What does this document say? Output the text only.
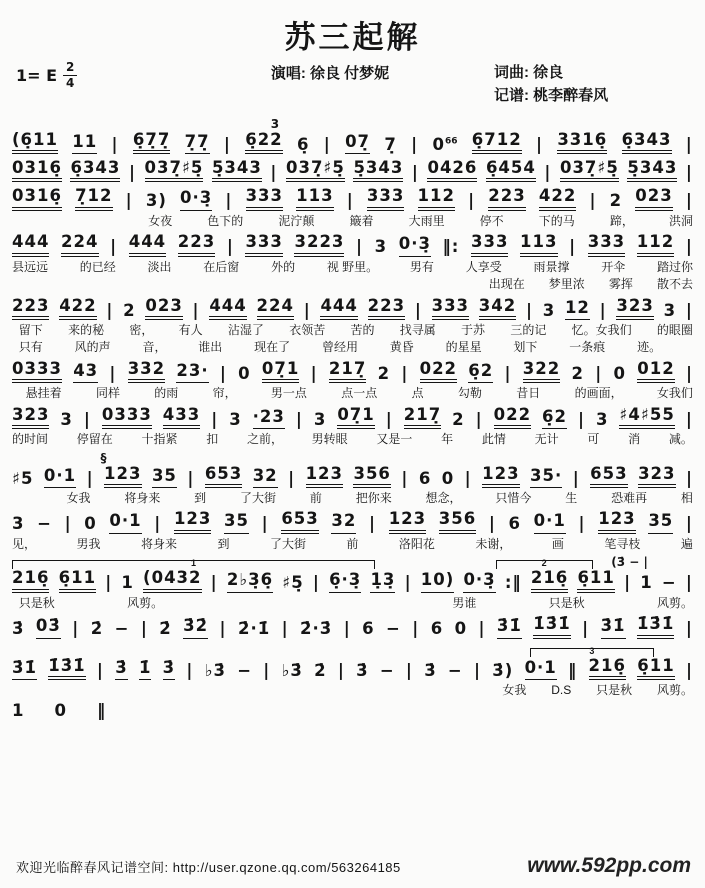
苏三起解
1= E $\frac{2}{4}$	演唱: 徐良 付梦妮	词曲: 徐良
记谱: 桃李醉春风
3
(6̣11 11 | 6̣7̣7̣ 7̣7̣ | 6̣22 6̣ | 07̣ 7̣ | $0^{66}$ 6̣712 | 3316̣ 6̣343 |
0316̣ 6̣343 | 037̣♯5̣ 5̣343 | 037̣♯5̣ 5̣343 | 0426 6̣454 | 037̣♯5̣ 5̣343 |
0316̣ 7̣12 | 3) 0·3̣ | 333 113 | 333 112 | 223 422 | 2 023 |
女夜	色下的	泥泞颠	簸着	大雨里	停不	下的马	蹄，	洪洞
444 224 | 444 223 | 333 3223 | 3 0·3̣ ‖: 333 113 | 333 112 |
县远远	的已经	淡出	在后窗	外的	视 野里。	男有	人享受	雨景撑	开伞	踏过你
出现在 梦里浓 雾挥 散不去
223 422 | 2 023 | 444 224 | 444 223 | 333 342 | 3 12 | 323 3 |
留下 来的秘 密， 有人 沾湿了 衣领苦 苦的 找寻属 于苏 三的记 忆。女我们 的眼圈
只有	风的声	音，	谁出	现在了	曾经用	黄昏	的星星	划下	一条痕	迹。
0333 43 | 332 23· | 0 07̣1 | 217̣ 2 | 022 6̣2 | 322 2 | 0 012 |
悬挂着	同样	的雨	帘，	男一点	点一点	点	勾勒	昔日	的画面，	女我们
323 3 | 0333 433 | 3 ·23 | 3 07̣1 | 217̣ 2 | 022 6̣2 | 3 ♯4♯55 |
的时间 停留在 十指紧 扣 之前， 男转眼 又是一 年 此情 无计 可 消 减。
§
♯5 0·1 | 123 35 | 653 32 | 123 356 | 6 0 | 123 35· | 653 323 |
女我	将身来	到	了大街	前	把你来	想念，	只惜今	生	恐难再	相
3 − | 0 0·1 | 123 35 | 653 32 | 123 356 | 6 0·1 | 123 35 |
见，	男我	将身来	到	了大街	前	洛阳花	未谢，	画	笔寻枝	遍
1	2	(3̇ − |
216̣ 6̣11 | 1 (0432 | 2♭3̣6̣ ♯5̣ | 6̣·3̣ 1̣3̣ | 10) 0·3̣ :‖ 216̣ 6̣11 | 1 − |
只是秋	风剪。	男谁	只是秋	风剪。
3̇ 03̇ | 2̇ − | 2̇ 3̇2̇ | 2̇·1̇ | 2̇·3̇ | 6 − | 6 0 | 3̇1̇ 1̇3̇1̇ | 3̇1̇ 1̇3̇1̇ |
3
3̇1̇ 1̇3̇1̇ | 3̇ 1̇ 3̇ | ♭3̇ − | ♭3̇ 2̇ | 3̇ − | 3̇ − | 3̇) 0·1 ‖ 216̣ 6̣11 |
女我 D.S 只是秋 风剪。
1 0 ‖
欢迎光临醉春风记谱空间: http://user.qzone.qq.com/563264185	www.592pp.com
